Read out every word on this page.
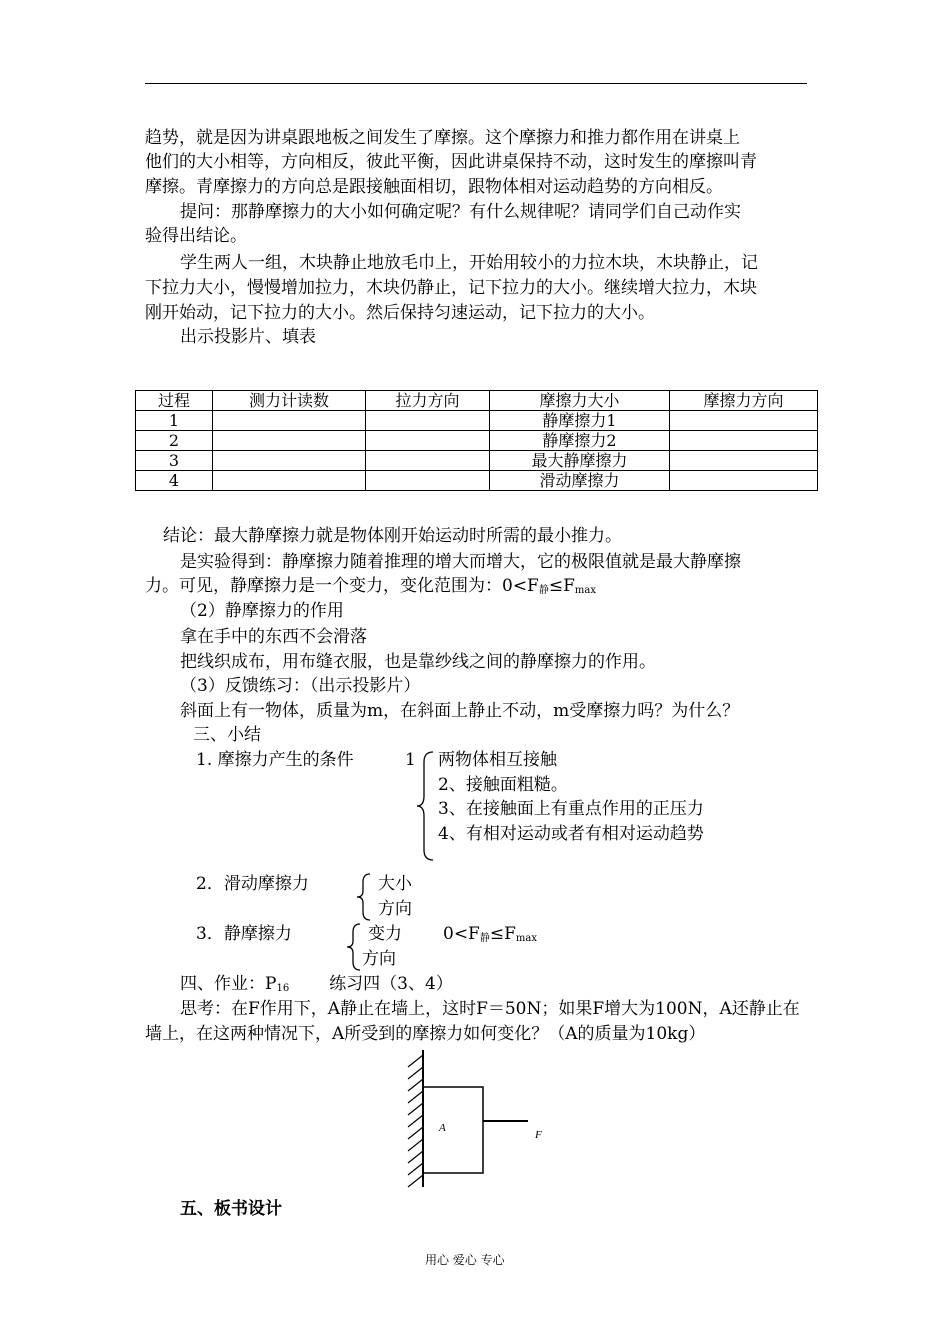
趋势，就是因为讲桌跟地板之间发生了摩擦。这个摩擦力和推力都作用在讲桌上
他们的大小相等，方向相反，彼此平衡，因此讲桌保持不动，这时发生的摩擦叫青
摩擦。青摩擦力的方向总是跟接触面相切，跟物体相对运动趋势的方向相反。
提问：那静摩擦力的大小如何确定呢？有什么规律呢？请同学们自己动作实
验得出结论。
学生两人一组，木块静止地放毛巾上，开始用较小的力拉木块，木块静止，记
下拉力大小，慢慢增加拉力，木块仍静止，记下拉力的大小。继续增大拉力，木块
刚开始动，记下拉力的大小。然后保持匀速运动，记下拉力的大小。
出示投影片、填表
过程	测力计读数	拉力方向	摩擦力大小	摩擦力方向
1			静摩擦力1	
2			静摩擦力2	
3			最大静摩擦力	
4			滑动摩擦力	
结论：最大静摩擦力就是物体刚开始运动时所需的最小推力。
是实验得到：静摩擦力随着推理的增大而增大，它的极限值就是最大静摩擦
力。可见，静摩擦力是一个变力，变化范围为：$0<F_静\le F_{max}$
（2）静摩擦力的作用
拿在手中的东西不会滑落
把线织成布，用布缝衣服，也是靠纱线之间的静摩擦力的作用。
（3）反馈练习：（出示投影片）
斜面上有一物体，质量为m，在斜面上静止不动，m受摩擦力吗？为什么？
三、小结
1. 摩擦力产生的条件	1 两物体相互接触
2、接触面粗糙。
3、在接触面上有重点作用的正压力
4、有相对运动或者有相对运动趋势
2．滑动摩擦力	大小
方向
3．静摩擦力	变力 $0<F_静\le F_{max}$
方向
四、作业：$P_{16}$ 练习四（3、4）
思考：在F作用下，A静止在墙上，这时F＝50N；如果F增大为100N，A还静止在
墙上，在这两种情况下，A所受到的摩擦力如何变化？（A的质量为10kg）
A
F
五、板书设计
用心 爱心 专心
